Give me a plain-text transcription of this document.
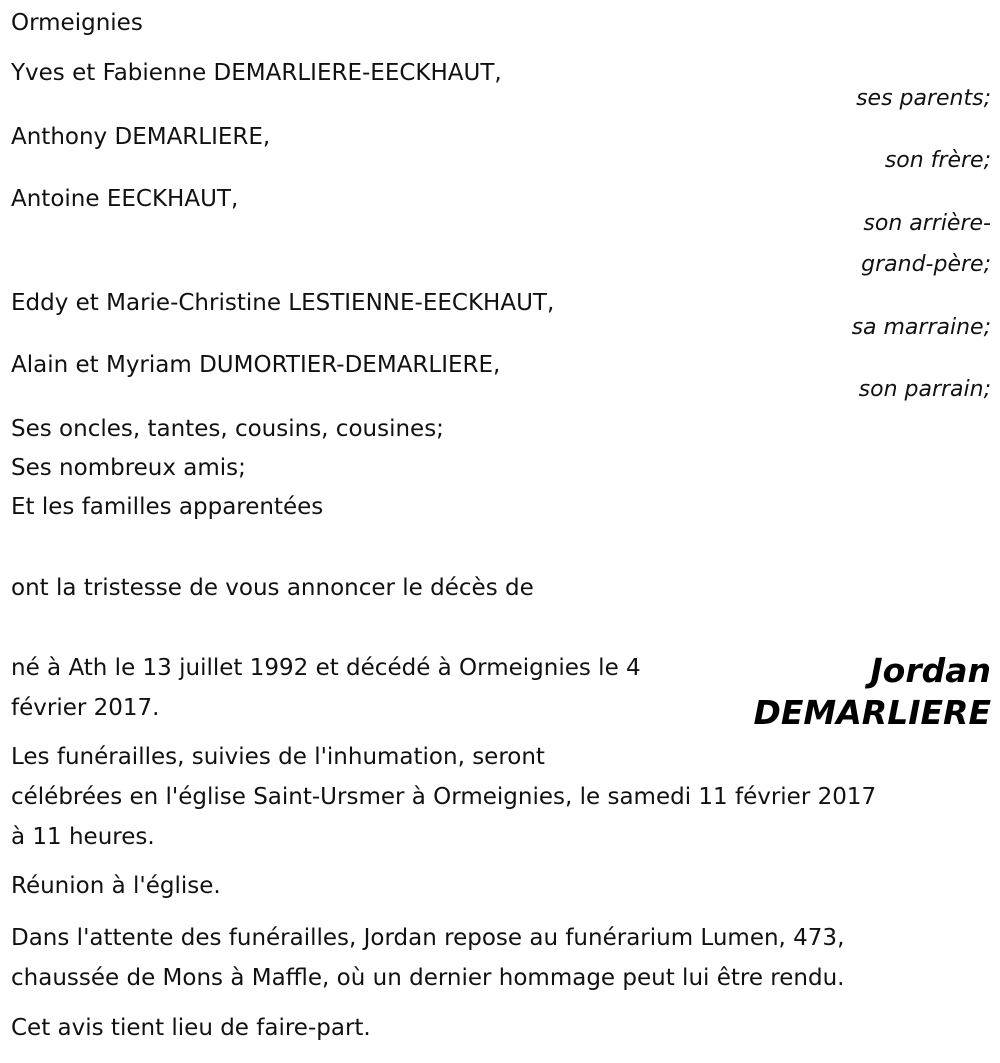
Ormeignies
Yves et Fabienne DEMARLIERE-EECKHAUT,
ses parents;
Anthony DEMARLIERE,
son frère;
Antoine EECKHAUT,
son arrière-
grand-père;
Eddy et Marie-Christine LESTIENNE-EECKHAUT,
sa marraine;
Alain et Myriam DUMORTIER-DEMARLIERE,
son parrain;
Ses oncles, tantes, cousins, cousines;
Ses nombreux amis;
Et les familles apparentées
ont la tristesse de vous annoncer le décès de
Jordan
DEMARLIERE
né à Ath le 13 juillet 1992 et décédé à Ormeignies le 4
février 2017.
Les funérailles, suivies de l'inhumation, seront
célébrées en l'église Saint-Ursmer à Ormeignies, le samedi 11 février 2017
à 11 heures.
Réunion à l'église.
Dans l'attente des funérailles, Jordan repose au funérarium Lumen, 473,
chaussée de Mons à Maffle, où un dernier hommage peut lui être rendu.
Cet avis tient lieu de faire-part.
